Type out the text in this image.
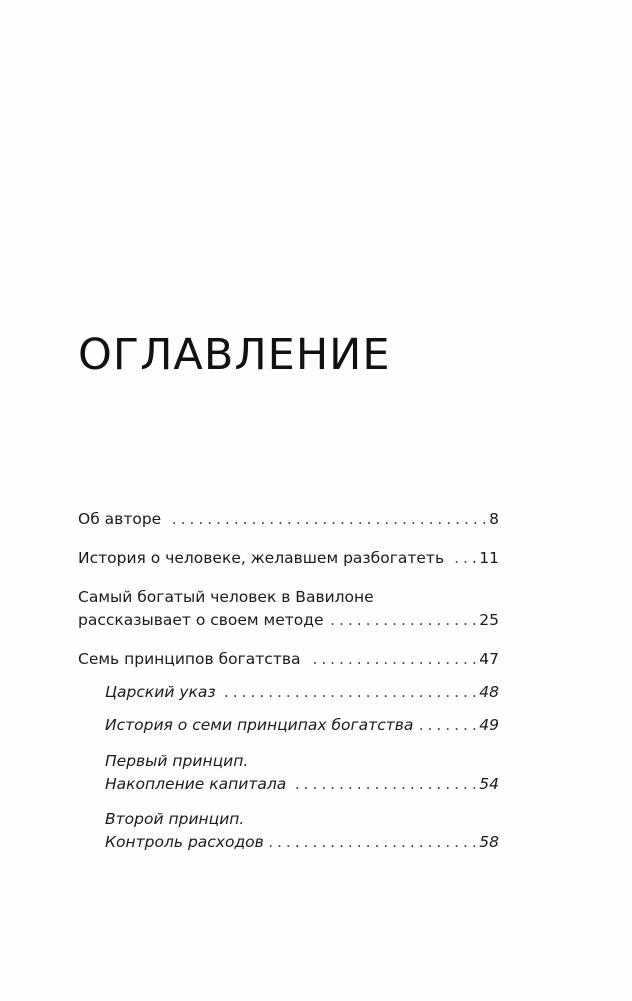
ОГЛАВЛЕНИЕ
Об авторе . . .	8
История о человеке, желавшем разбогатеть . . . 11
Самый богатый человек в Вавилоне
рассказывает о своем методе . . .	25
Семь принципов богатства . . .	47
Царский указ . . .	48
История о семи принципах богатства . . .	49
Первый принцип.
Накопление капитала . . .	54
Второй принцип.
Контроль расходов . . .	58
